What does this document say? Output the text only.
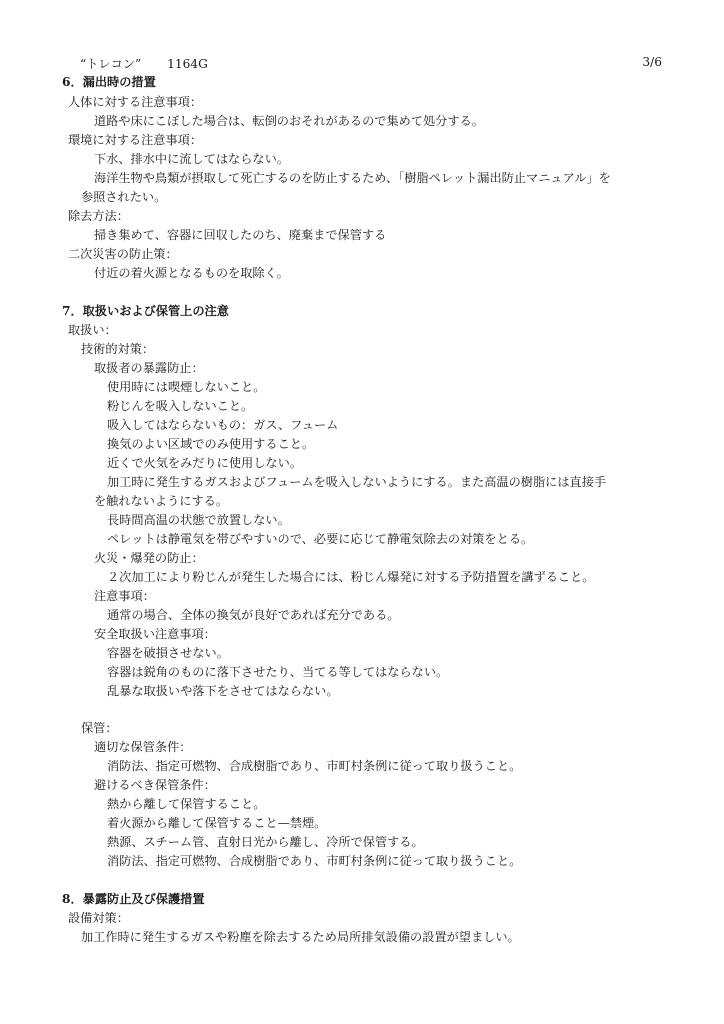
“トレコン” 1164G	3/6
6．漏出時の措置
人体に対する注意事項：
道路や床にこぼした場合は、転倒のおそれがあるので集めて処分する。
環境に対する注意事項：
下水、排水中に流してはならない。
海洋生物や鳥類が摂取して死亡するのを防止するため、「樹脂ペレット漏出防止マニュアル」を
参照されたい。
除去方法：
掃き集めて、容器に回収したのち、廃棄まで保管する
二次災害の防止策：
付近の着火源となるものを取除く。
7．取扱いおよび保管上の注意
取扱い：
技術的対策：
取扱者の暴露防止：
使用時には喫煙しないこと。
粉じんを吸入しないこと。
吸入してはならないもの：ガス、フューム
換気のよい区域でのみ使用すること。
近くで火気をみだりに使用しない。
加工時に発生するガスおよびフュームを吸入しないようにする。また高温の樹脂には直接手
を触れないようにする。
長時間高温の状態で放置しない。
ペレットは静電気を帯びやすいので、必要に応じて静電気除去の対策をとる。
火災・爆発の防止：
２次加工により粉じんが発生した場合には、粉じん爆発に対する予防措置を講ずること。
注意事項：
通常の場合、全体の換気が良好であれば充分である。
安全取扱い注意事項：
容器を破損させない。
容器は鋭角のものに落下させたり、当てる等してはならない。
乱暴な取扱いや落下をさせてはならない。
保管：
適切な保管条件：
消防法、指定可燃物、合成樹脂であり、市町村条例に従って取り扱うこと。
避けるべき保管条件：
熱から離して保管すること。
着火源から離して保管すること—禁煙。
熱源、スチーム管、直射日光から離し、冷所で保管する。
消防法、指定可燃物、合成樹脂であり、市町村条例に従って取り扱うこと。
8．暴露防止及び保護措置
設備対策：
加工作時に発生するガスや粉塵を除去するため局所排気設備の設置が望ましい。
